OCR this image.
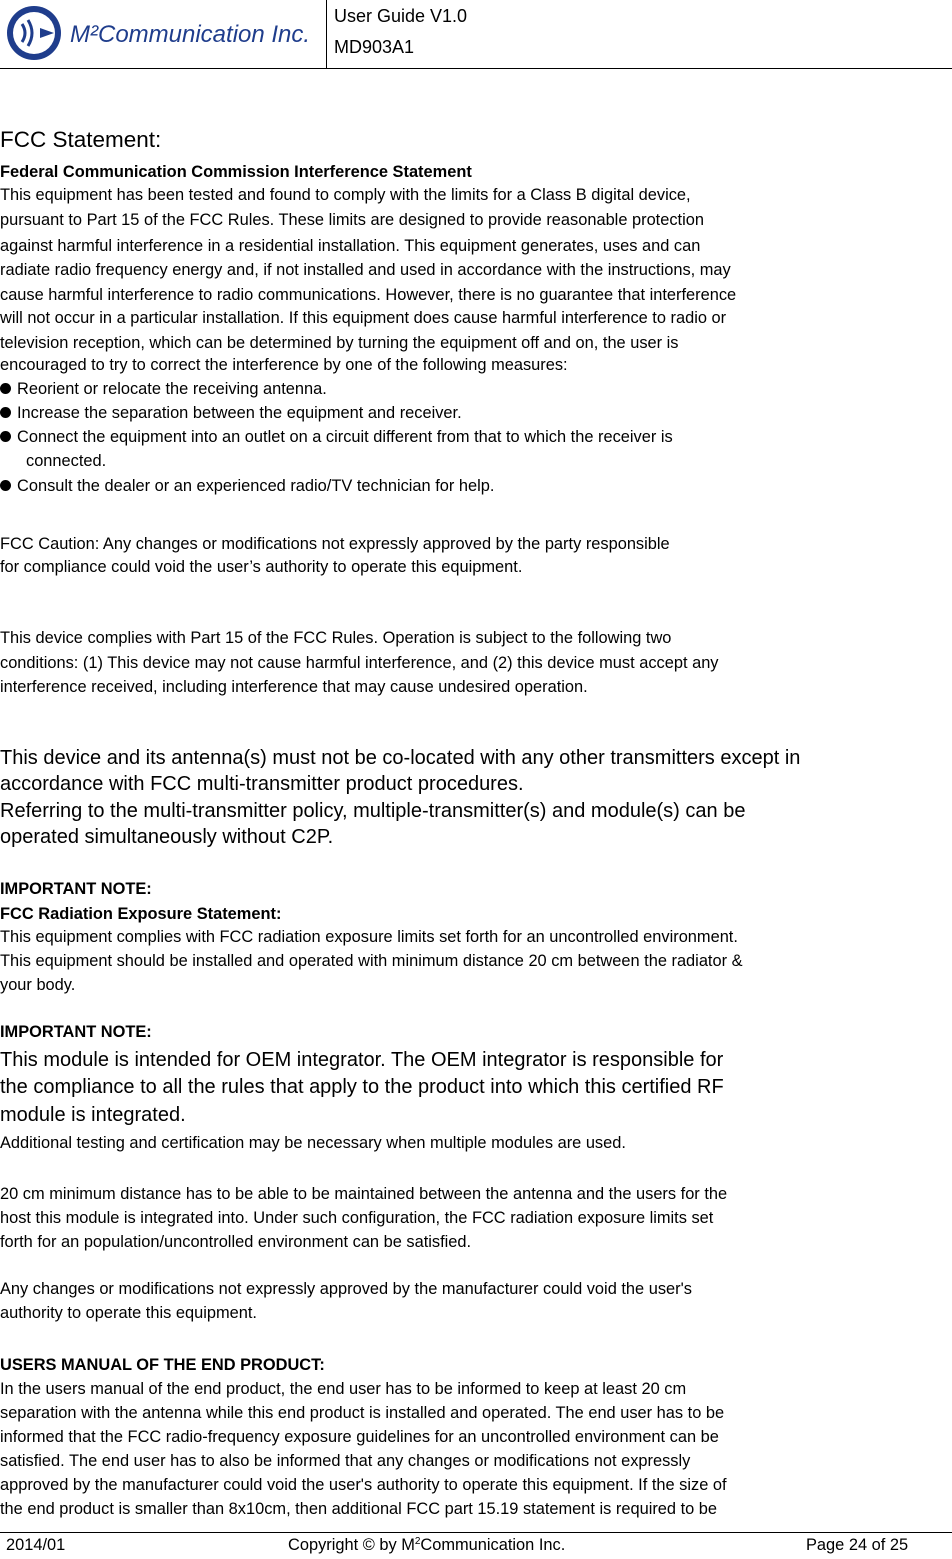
M²Communication Inc.
User Guide V1.0
MD903A1
FCC Statement:
Federal Communication Commission Interference Statement
This equipment has been tested and found to comply with the limits for a Class B digital device,
pursuant to Part 15 of the FCC Rules. These limits are designed to provide reasonable protection
against harmful interference in a residential installation. This equipment generates, uses and can
radiate radio frequency energy and, if not installed and used in accordance with the instructions, may
cause harmful interference to radio communications. However, there is no guarantee that interference
will not occur in a particular installation. If this equipment does cause harmful interference to radio or
television reception, which can be determined by turning the equipment off and on, the user is
encouraged to try to correct the interference by one of the following measures:
Reorient or relocate the receiving antenna.
Increase the separation between the equipment and receiver.
Connect the equipment into an outlet on a circuit different from that to which the receiver is
connected.
Consult the dealer or an experienced radio/TV technician for help.
FCC Caution: Any changes or modifications not expressly approved by the party responsible
for compliance could void the user’s authority to operate this equipment.
This device complies with Part 15 of the FCC Rules. Operation is subject to the following two
conditions: (1) This device may not cause harmful interference, and (2) this device must accept any
interference received, including interference that may cause undesired operation.
This device and its antenna(s) must not be co-located with any other transmitters except in
accordance with FCC multi-transmitter product procedures.
Referring to the multi-transmitter policy, multiple-transmitter(s) and module(s) can be
operated simultaneously without C2P.
IMPORTANT NOTE:
FCC Radiation Exposure Statement:
This equipment complies with FCC radiation exposure limits set forth for an uncontrolled environment.
This equipment should be installed and operated with minimum distance 20 cm between the radiator &
your body.
IMPORTANT NOTE:
This module is intended for OEM integrator. The OEM integrator is responsible for
the compliance to all the rules that apply to the product into which this certified RF
module is integrated.
Additional testing and certification may be necessary when multiple modules are used.
20 cm minimum distance has to be able to be maintained between the antenna and the users for the
host this module is integrated into. Under such configuration, the FCC radiation exposure limits set
forth for an population/uncontrolled environment can be satisfied.
Any changes or modifications not expressly approved by the manufacturer could void the user's
authority to operate this equipment.
USERS MANUAL OF THE END PRODUCT:
In the users manual of the end product, the end user has to be informed to keep at least 20 cm
separation with the antenna while this end product is installed and operated. The end user has to be
informed that the FCC radio-frequency exposure guidelines for an uncontrolled environment can be
satisfied. The end user has to also be informed that any changes or modifications not expressly
approved by the manufacturer could void the user's authority to operate this equipment. If the size of
the end product is smaller than 8x10cm, then additional FCC part 15.19 statement is required to be
2014/01	Copyright © by $M^2Communication$ Inc.	Page 24 of 25
